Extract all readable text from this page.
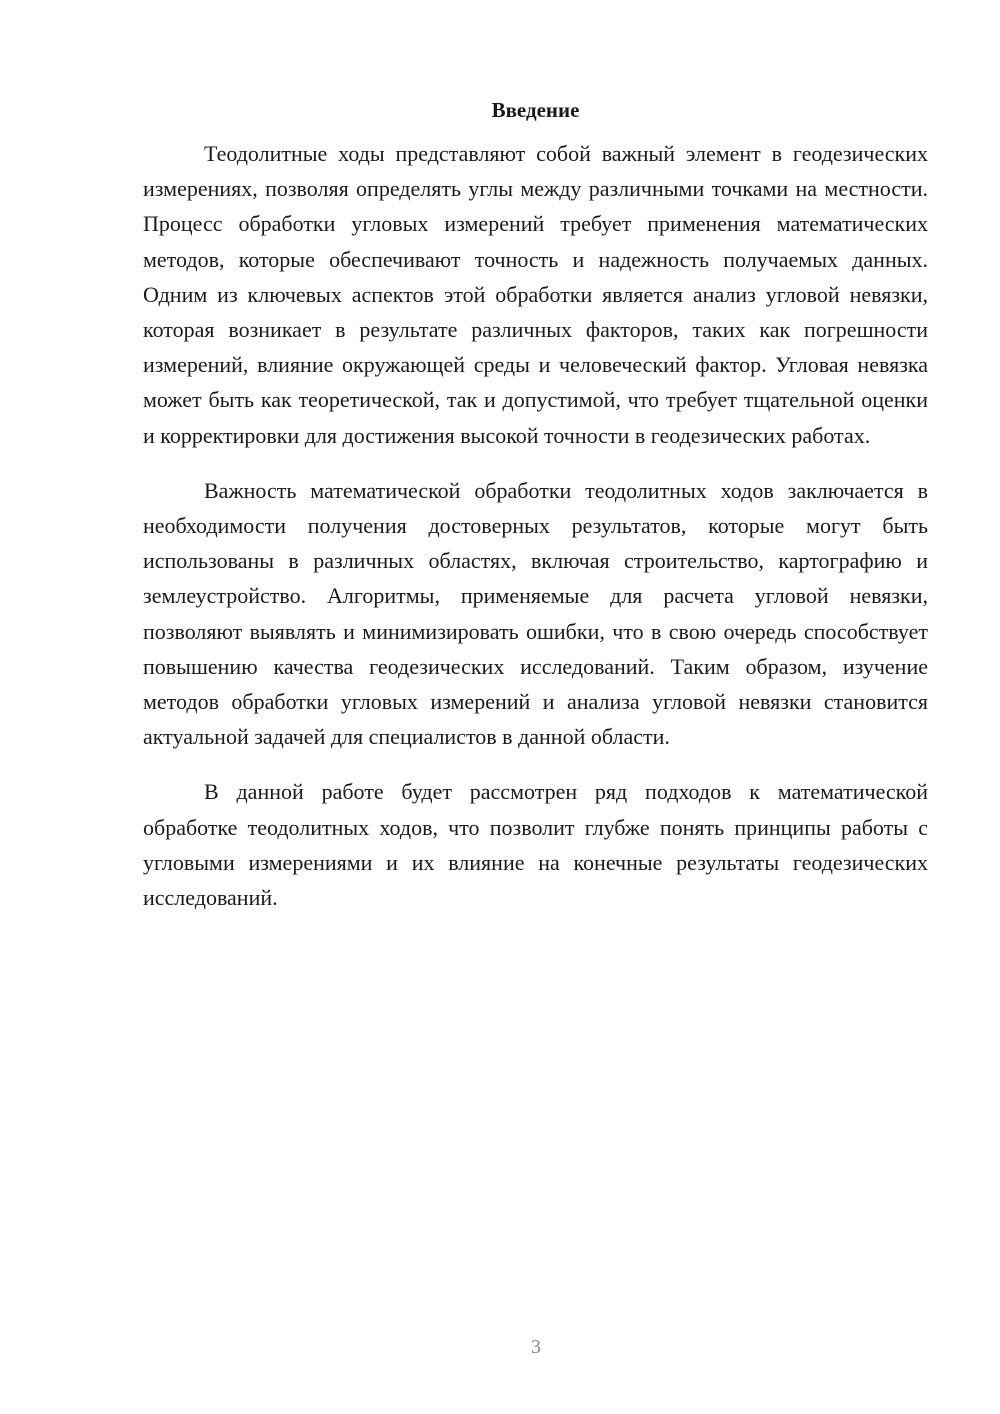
Введение

Теодолитные ходы представляют собой важный элемент в геодезических измерениях, позволяя определять углы между различными точками на местности. Процесс обработки угловых измерений требует применения математических методов, которые обеспечивают точность и надежность получаемых данных. Одним из ключевых аспектов этой обработки является анализ угловой невязки, которая возникает в результате различных факторов, таких как погрешности измерений, влияние окружающей среды и человеческий фактор. Угловая невязка может быть как теоретической, так и допустимой, что требует тщательной оценки и корректировки для достижения высокой точности в геодезических работах.

Важность математической обработки теодолитных ходов заключается в необходимости получения достоверных результатов, которые могут быть использованы в различных областях, включая строительство, картографию и землеустройство. Алгоритмы, применяемые для расчета угловой невязки, позволяют выявлять и минимизировать ошибки, что в свою очередь способствует повышению качества геодезических исследований. Таким образом, изучение методов обработки угловых измерений и анализа угловой невязки становится актуальной задачей для специалистов в данной области.

В данной работе будет рассмотрен ряд подходов к математической обработке теодолитных ходов, что позволит глубже понять принципы работы с угловыми измерениями и их влияние на конечные результаты геодезических исследований.

3
